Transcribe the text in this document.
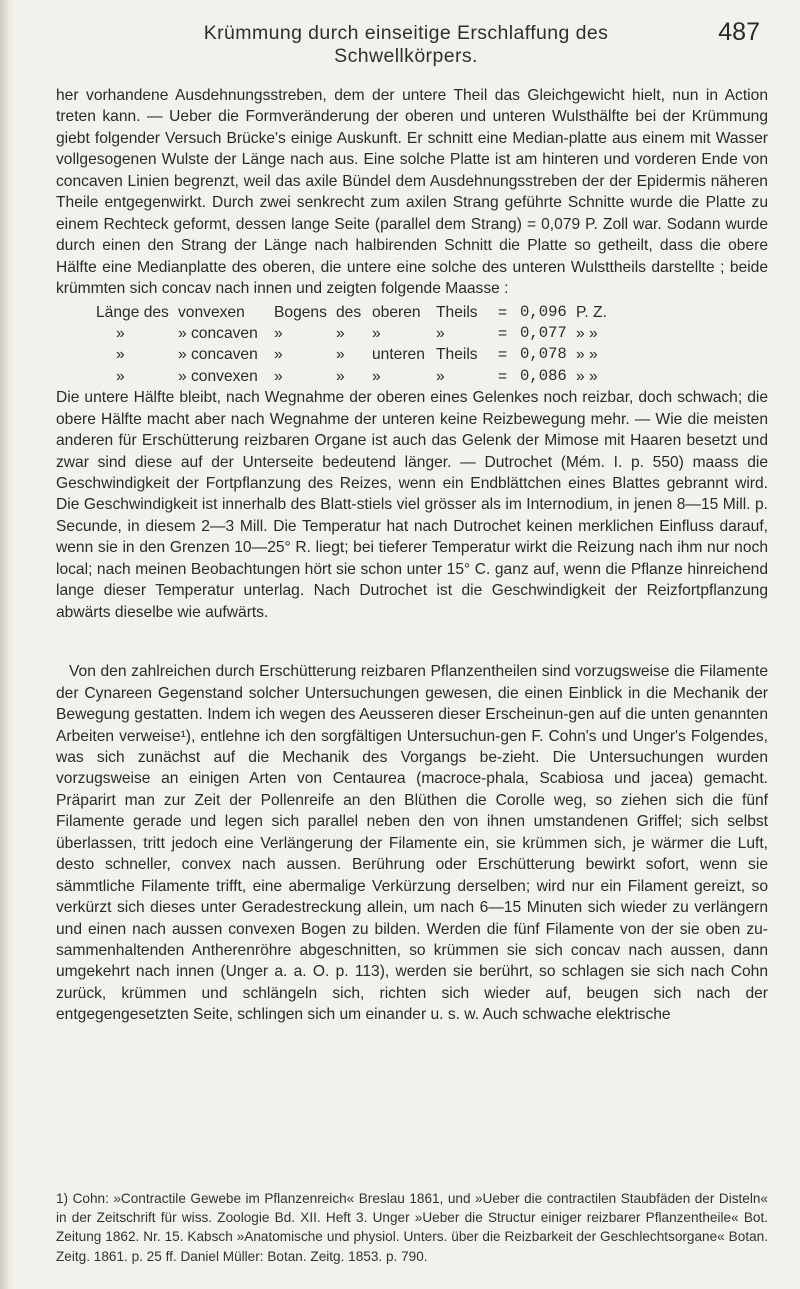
Krümmung durch einseitige Erschlaffung des Schwellkörpers.
487

her vorhandene Ausdehnungsstreben, dem der untere Theil das Gleichgewicht hielt, nun in Action treten kann. — Ueber die Formveränderung der oberen und unteren Wulsthälfte bei der Krümmung giebt folgender Versuch Brücke's einige Auskunft. Er schnitt eine Median-platte aus einem mit Wasser vollgesogenen Wulste der Länge nach aus. Eine solche Platte ist am hinteren und vorderen Ende von concaven Linien begrenzt, weil das axile Bündel dem Ausdehnungsstreben der der Epidermis näheren Theile entgegenwirkt. Durch zwei senkrecht zum axilen Strang geführte Schnitte wurde die Platte zu einem Rechteck geformt, dessen lange Seite (parallel dem Strang) = 0,079 P. Zoll war. Sodann wurde durch einen den Strang der Länge nach halbirenden Schnitt die Platte so getheilt, dass die obere Hälfte eine Medianplatte des oberen, die untere eine solche des unteren Wulsttheils darstellte ; beide krümmten sich concav nach innen und zeigten folgende Maasse :

Länge des	vonvexen	Bogens	des	oberen	Theils	=	0,096	P. Z.
»	» concaven	»	»	»	»	=	0,077	» »
»	» concaven	»	»	unteren	Theils	=	0,078	» »
»	» convexen	»	»	»	»	=	0,086	» »

Die untere Hälfte bleibt, nach Wegnahme der oberen eines Gelenkes noch reizbar, doch schwach; die obere Hälfte macht aber nach Wegnahme der unteren keine Reizbewegung mehr. — Wie die meisten anderen für Erschütterung reizbaren Organe ist auch das Gelenk der Mimose mit Haaren besetzt und zwar sind diese auf der Unterseite bedeutend länger. — Dutrochet (Mém. I. p. 550) maass die Geschwindigkeit der Fortpflanzung des Reizes, wenn ein Endblättchen eines Blattes gebrannt wird. Die Geschwindigkeit ist innerhalb des Blatt-stiels viel grösser als im Internodium, in jenen 8—15 Mill. p. Secunde, in diesem 2—3 Mill. Die Temperatur hat nach Dutrochet keinen merklichen Einfluss darauf, wenn sie in den Grenzen 10—25° R. liegt; bei tieferer Temperatur wirkt die Reizung nach ihm nur noch local; nach meinen Beobachtungen hört sie schon unter 15° C. ganz auf, wenn die Pflanze hinreichend lange dieser Temperatur unterlag. Nach Dutrochet ist die Geschwindigkeit der Reizfortpflanzung abwärts dieselbe wie aufwärts.

Von den zahlreichen durch Erschütterung reizbaren Pflanzentheilen sind vorzugsweise die Filamente der Cynareen Gegenstand solcher Untersuchungen gewesen, die einen Einblick in die Mechanik der Bewegung gestatten. Indem ich wegen des Aeusseren dieser Erscheinun-gen auf die unten genannten Arbeiten verweise¹), entlehne ich den sorgfältigen Untersuchun-gen F. Cohn's und Unger's Folgendes, was sich zunächst auf die Mechanik des Vorgangs be-zieht. Die Untersuchungen wurden vorzugsweise an einigen Arten von Centaurea (macroce-phala, Scabiosa und jacea) gemacht. Präparirt man zur Zeit der Pollenreife an den Blüthen die Corolle weg, so ziehen sich die fünf Filamente gerade und legen sich parallel neben den von ihnen umstandenen Griffel; sich selbst überlassen, tritt jedoch eine Verlängerung der Filamente ein, sie krümmen sich, je wärmer die Luft, desto schneller, convex nach aussen. Berührung oder Erschütterung bewirkt sofort, wenn sie sämmtliche Filamente trifft, eine abermalige Verkürzung derselben; wird nur ein Filament gereizt, so verkürzt sich dieses unter Geradestreckung allein, um nach 6—15 Minuten sich wieder zu verlängern und einen nach aussen convexen Bogen zu bilden. Werden die fünf Filamente von der sie oben zu-sammenhaltenden Antherenröhre abgeschnitten, so krümmen sie sich concav nach aussen, dann umgekehrt nach innen (Unger a. a. O. p. 113), werden sie berührt, so schlagen sie sich nach Cohn zurück, krümmen und schlängeln sich, richten sich wieder auf, beugen sich nach der entgegengesetzten Seite, schlingen sich um einander u. s. w. Auch schwache elektrische

1) Cohn: »Contractile Gewebe im Pflanzenreich« Breslau 1861, und »Ueber die contractilen Staubfäden der Disteln« in der Zeitschrift für wiss. Zoologie Bd. XII. Heft 3. Unger »Ueber die Structur einiger reizbarer Pflanzentheile« Bot. Zeitung 1862. Nr. 15. Kabsch »Anatomische und physiol. Unters. über die Reizbarkeit der Geschlechtsorgane« Botan. Zeitg. 1861. p. 25 ff. Daniel Müller: Botan. Zeitg. 1853. p. 790.
